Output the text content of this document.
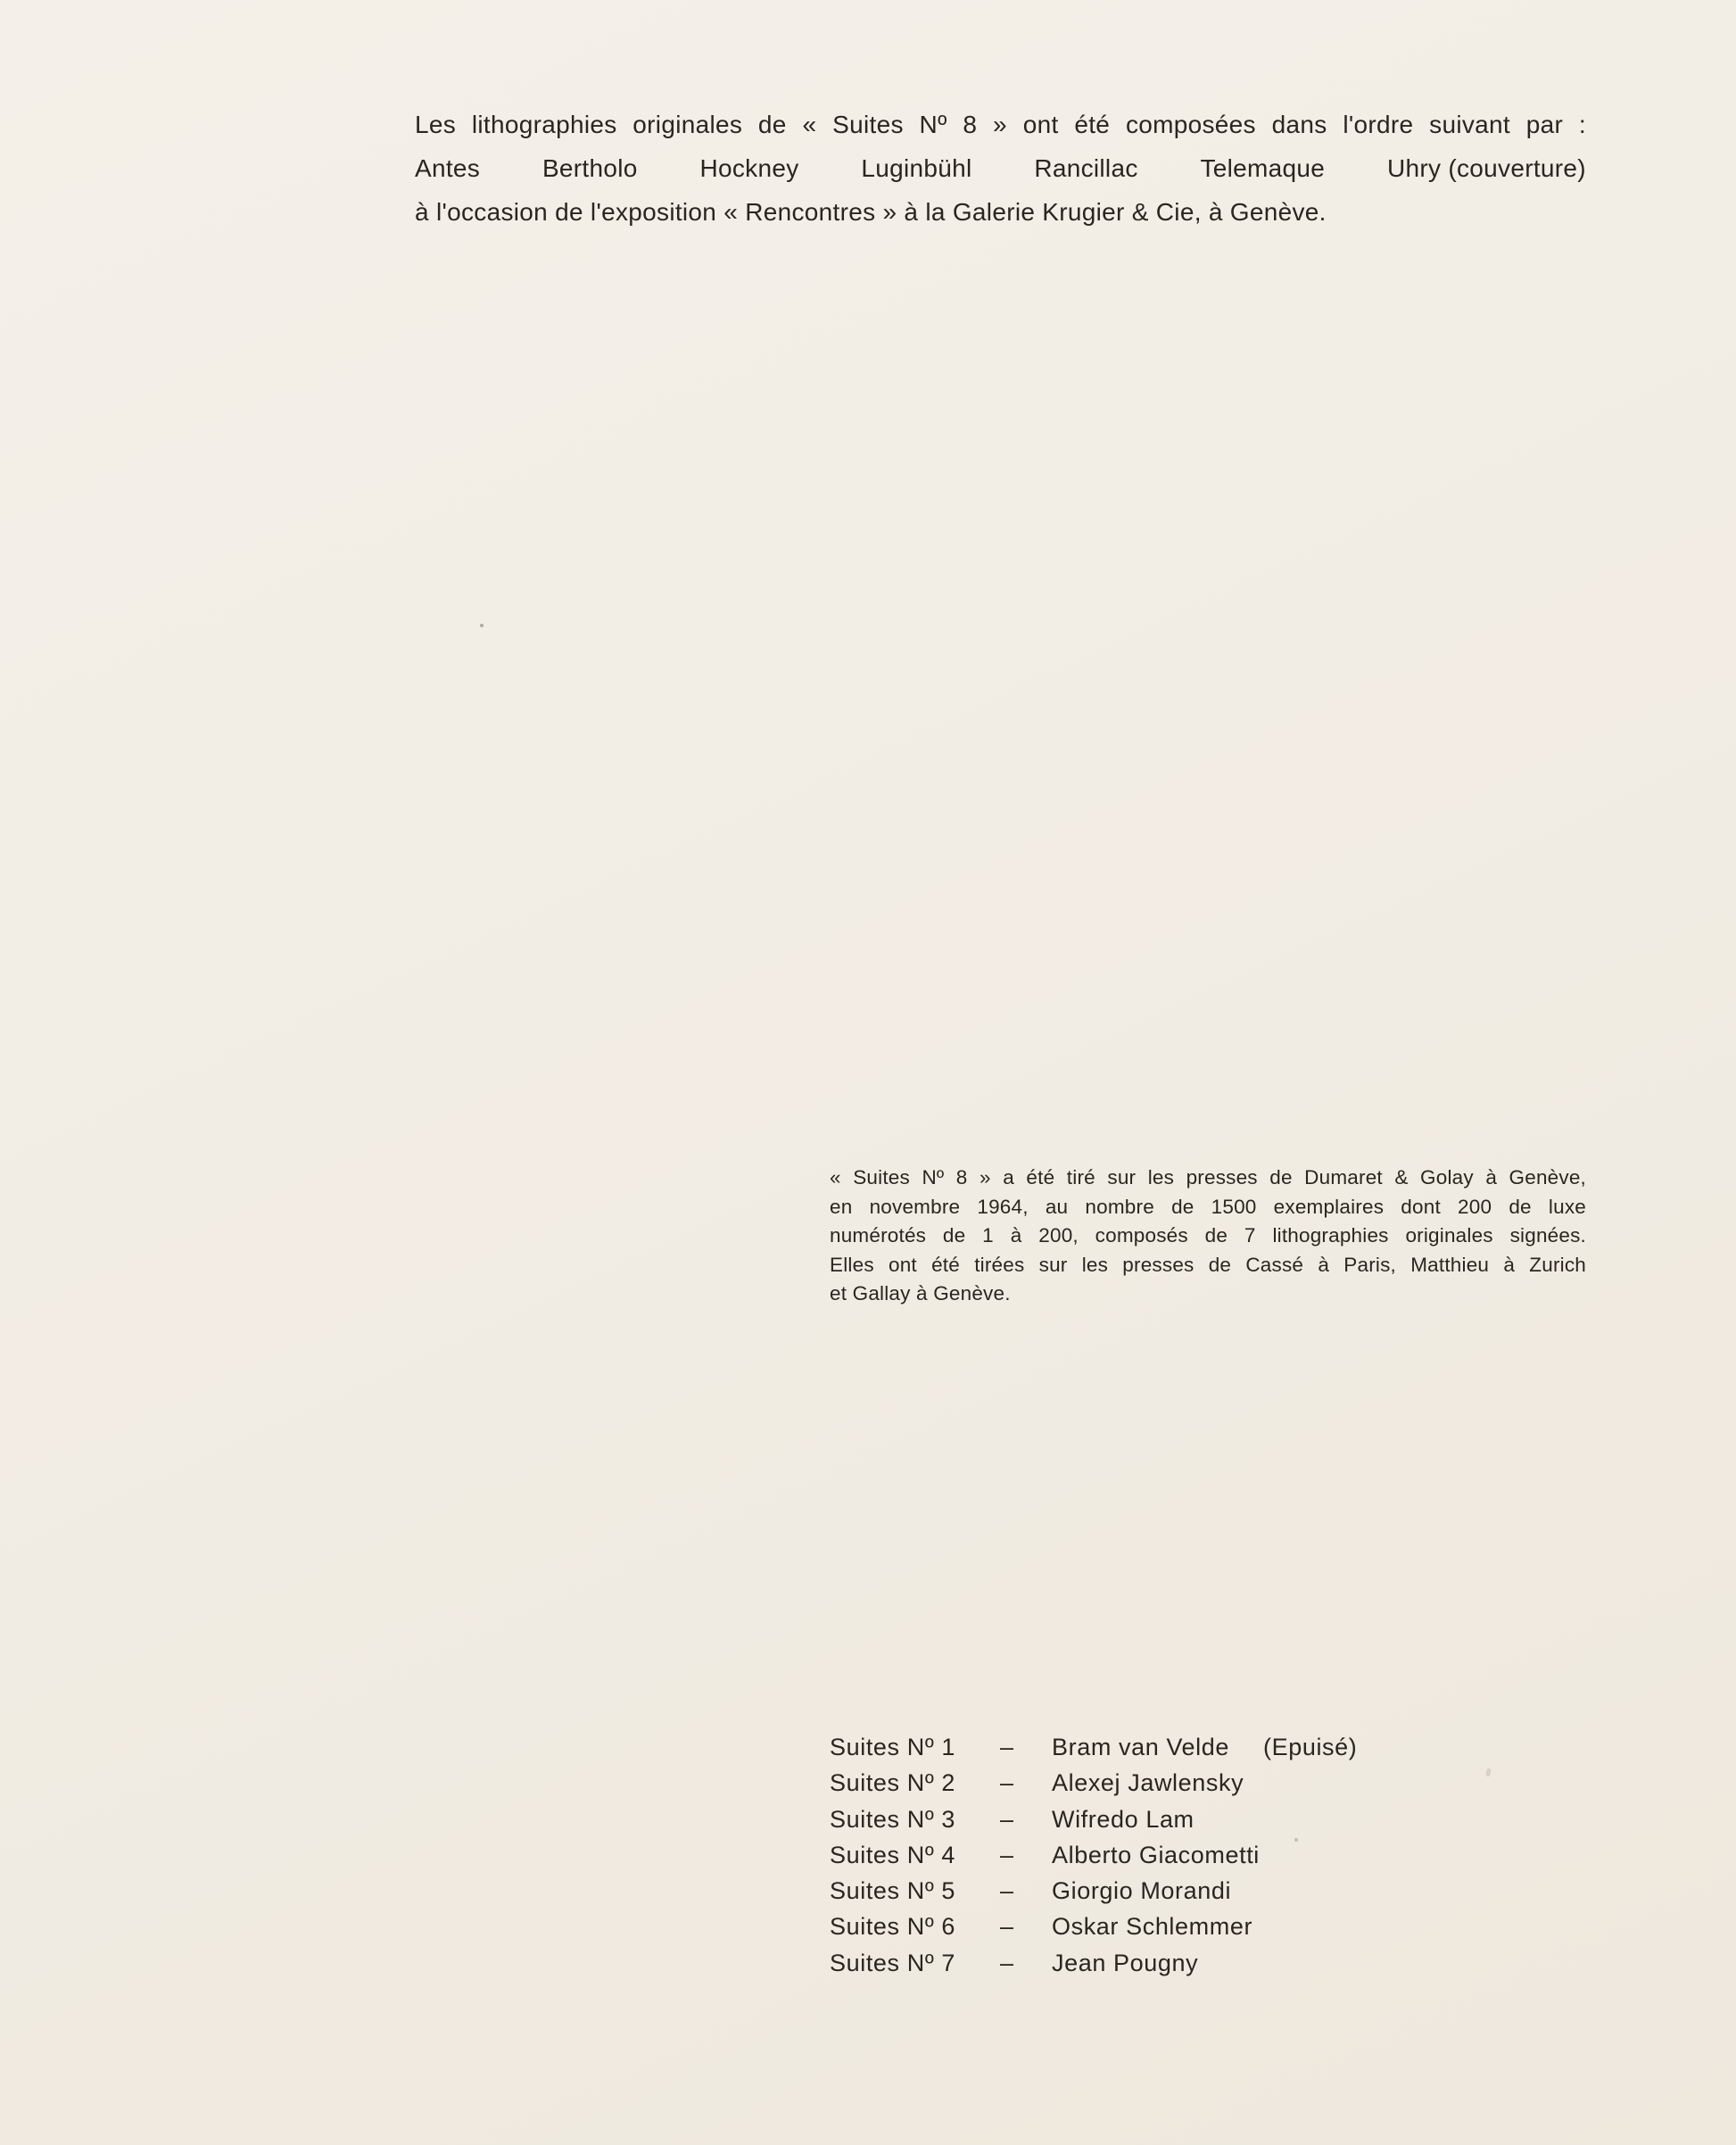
Les lithographies originales de « Suites Nº 8 » ont été composées dans l'ordre suivant par :
Antes Bertholo Hockney Luginbühl Rancillac Telemaque Uhry (couverture)
à l'occasion de l'exposition « Rencontres » à la Galerie Krugier & Cie, à Genève.
« Suites Nº 8 » a été tiré sur les presses de Dumaret & Golay à Genève,
en novembre 1964, au nombre de 1500 exemplaires dont 200 de luxe
numérotés de 1 à 200, composés de 7 lithographies originales signées.
Elles ont été tirées sur les presses de Cassé à Paris, Matthieu à Zurich
et Gallay à Genève.
Suites Nº 1	–	Bram van Velde (Epuisé)
Suites Nº 2	–	Alexej Jawlensky
Suites Nº 3	–	Wifredo Lam
Suites Nº 4	–	Alberto Giacometti
Suites Nº 5	–	Giorgio Morandi
Suites Nº 6	–	Oskar Schlemmer
Suites Nº 7	–	Jean Pougny
